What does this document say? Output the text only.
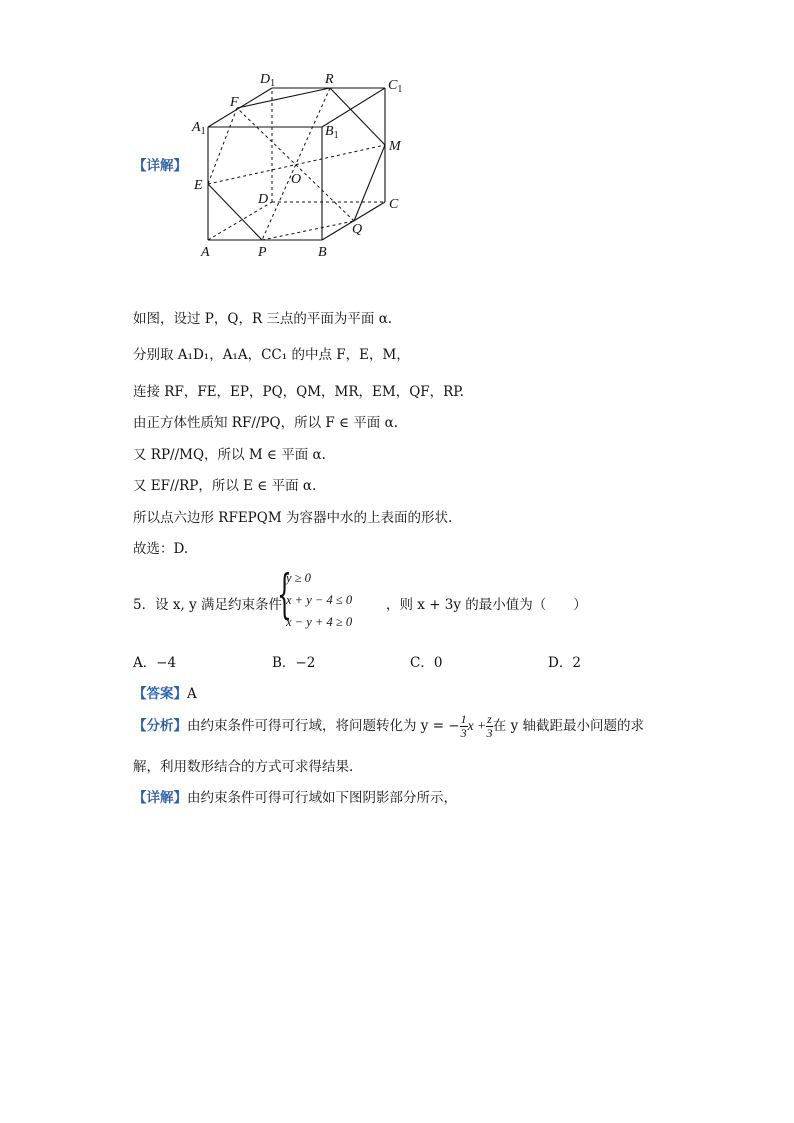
【详解】
$D_1$	R	$C_1$
F
$A_1$	$B_1$
M
O
E
D	C
Q
A	P	B
如图，设过 P，Q，R 三点的平面为平面 α.
分别取 A₁D₁，A₁A，CC₁ 的中点 F，E，M，
连接 RF，FE，EP，PQ，QM，MR，EM，QF，RP.
由正方体性质知 RF//PQ，所以 F ∈ 平面 α.
又 RP//MQ，所以 M ∈ 平面 α.
又 EF//RP，所以 E ∈ 平面 α.
所以点六边形 RFEPQM 为容器中水的上表面的形状.
故选：D.
5．设 x, y 满足约束条件
{
y ≥ 0
x + y − 4 ≤ 0
x − y + 4 ≥ 0
，则 x + 3y 的最小值为（　　）
A．−4	B．−2	C．0	D．2
【答案】A
【分析】由约束条件可得可行域，将问题转化为 y = − $\frac{1}{3}$ $x + \frac{z}{3}$ 在 y 轴截距最小问题的求
解，利用数形结合的方式可求得结果.
【详解】由约束条件可得可行域如下图阴影部分所示，
